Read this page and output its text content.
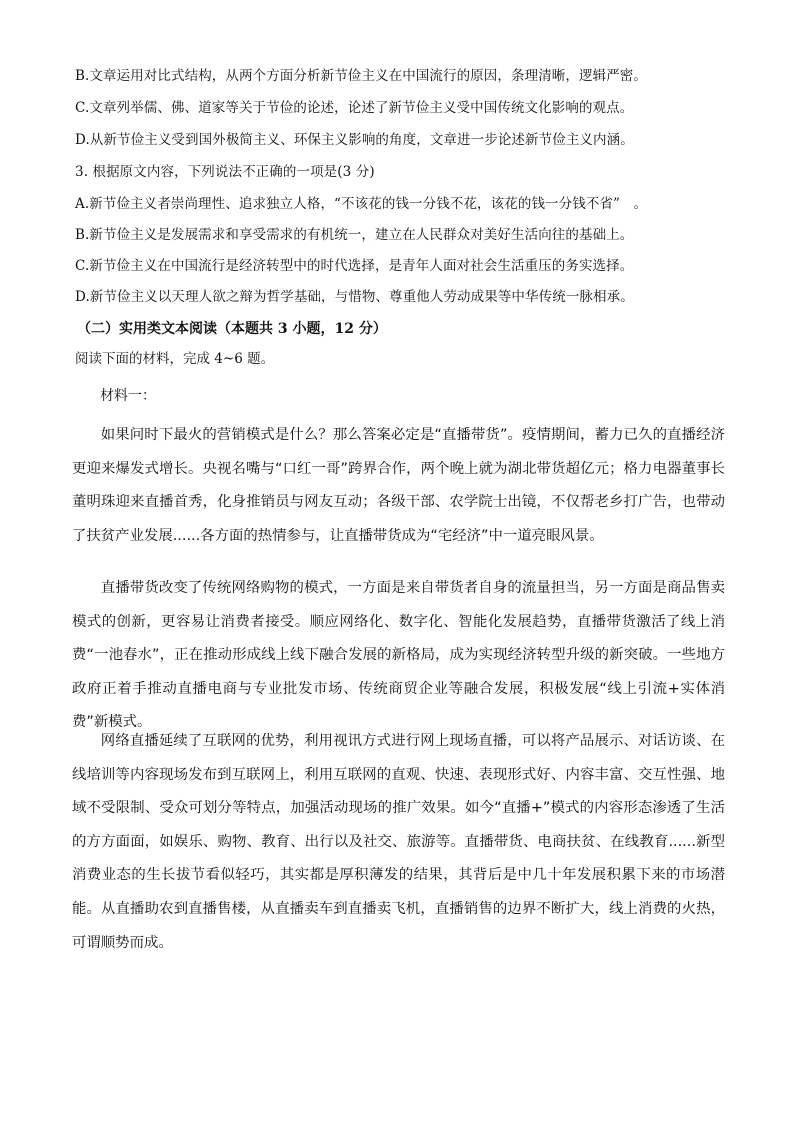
B.文章运用对比式结构，从两个方面分析新节俭主义在中国流行的原因，条理清晰，逻辑严密。
C.文章列举儒、佛、道家等关于节俭的论述，论述了新节俭主义受中国传统文化影响的观点。
D.从新节俭主义受到国外极简主义、环保主义影响的角度，文章进一步论述新节俭主义内涵。
3. 根据原文内容，下列说法不正确的一项是(3 分)
A.新节俭主义者崇尚理性、追求独立人格，“不该花的钱一分钱不花，该花的钱一分钱不省”　。
B.新节俭主义是发展需求和享受需求的有机统一，建立在人民群众对美好生活向往的基础上。
C.新节俭主义在中国流行是经济转型中的时代选择，是青年人面对社会生活重压的务实选择。
D.新节俭主义以天理人欲之辩为哲学基础，与惜物、尊重他人劳动成果等中华传统一脉相承。
（二）实用类文本阅读（本题共 3 小题，12 分）
阅读下面的材料，完成 4~6 题。
材料一：

如果问时下最火的营销模式是什么？那么答案必定是“直播带货”。疫情期间，蓄力已久的直播经济更迎来爆发式增长。央视名嘴与“口红一哥”跨界合作，两个晚上就为湖北带货超亿元；格力电器董事长董明珠迎来直播首秀，化身推销员与网友互动；各级干部、农学院士出镜，不仅帮老乡打广告，也带动了扶贫产业发展......各方面的热情参与，让直播带货成为“宅经济”中一道亮眼风景。

直播带货改变了传统网络购物的模式，一方面是来自带货者自身的流量担当，另一方面是商品售卖模式的创新，更容易让消费者接受。顺应网络化、数字化、智能化发展趋势，直播带货激活了线上消费“一池春水”，正在推动形成线上线下融合发展的新格局，成为实现经济转型升级的新突破。一些地方政府正着手推动直播电商与专业批发市场、传统商贸企业等融合发展，积极发展“线上引流+实体消费”新模式。

网络直播延续了互联网的优势，利用视讯方式进行网上现场直播，可以将产品展示、对话访谈、在线培训等内容现场发布到互联网上，利用互联网的直观、快速、表现形式好、内容丰富、交互性强、地域不受限制、受众可划分等特点，加强活动现场的推广效果。如今“直播+”模式的内容形态渗透了生活的方方面面，如娱乐、购物、教育、出行以及社交、旅游等。直播带货、电商扶贫、在线教育......新型消费业态的生长拔节看似轻巧，其实都是厚积薄发的结果，其背后是中几十年发展积累下来的市场潜能。从直播助农到直播售楼，从直播卖车到直播卖飞机，直播销售的边界不断扩大，线上消费的火热，可谓顺势而成。
